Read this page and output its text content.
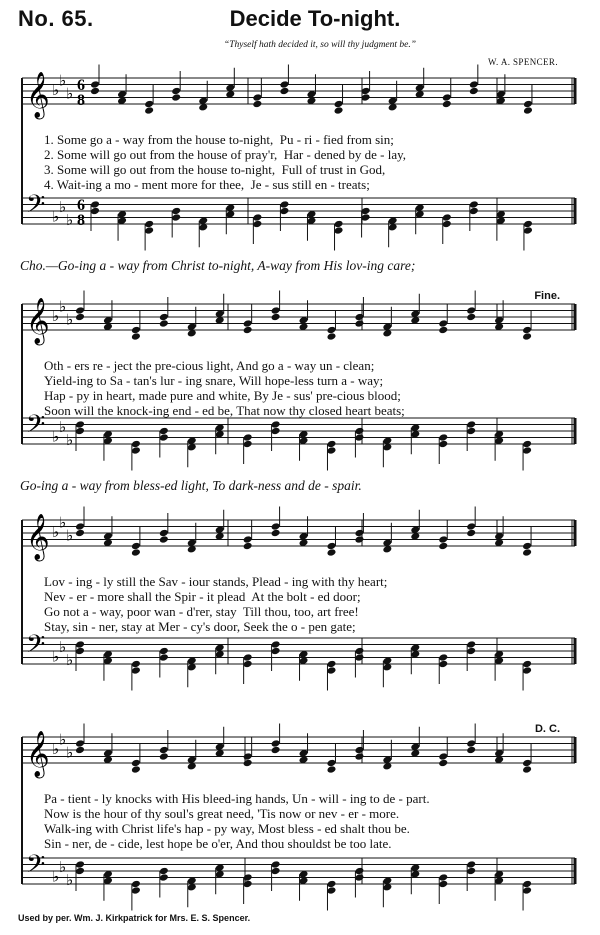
No. 65.	Decide To-night.
“Thyself hath decided it, so will thy judgment be.”
W. A. SPENCER.
𝄞 ♭
♭
♭ 6
8
𝄢 ♭
♭
♭
6
8
𝄞 ♭
♭
♭
𝄢 ♭
♭
♭
𝄞 ♭
♭
♭
𝄢 ♭
♭
♭
𝄞 ♭
♭
♭
𝄢 ♭
♭
♭
1. Some go a - way from the house to-night,  Pu - ri - fied from sin;
2. Some will go out from the house of pray'r,  Har - dened by de - lay,
3. Some will go out from the house to-night,  Full of trust in God,
4. Wait-ing a mo - ment more for thee,  Je - sus still en - treats;
Cho.—Go-ing a - way from Christ to-night, A-way from His lov-ing care;
Oth - ers re - ject the pre-cious light, And go a - way un - clean;
Yield-ing to Sa - tan's lur - ing snare, Will hope-less turn a - way;
Hap - py in heart, made pure and white, By Je - sus' pre-cious blood;
Soon will the knock-ing end - ed be, That now thy closed heart beats;
Go-ing a - way from bless-ed light, To dark-ness and de - spair.
Fine.
Lov - ing - ly still the Sav - iour stands, Plead - ing with thy heart;
Nev - er - more shall the Spir - it plead  At the bolt - ed door;
Go not a - way, poor wan - d'rer, stay  Till thou, too, art free!
Stay, sin - ner, stay at Mer - cy's door, Seek the o - pen gate;
Pa - tient - ly knocks with His bleed-ing hands, Un - will - ing to de - part.
Now is the hour of thy soul's great need, 'Tis now or nev - er - more.
Walk-ing with Christ life's hap - py way, Most bless - ed shalt thou be.
Sin - ner, de - cide, lest hope be o'er, And thou shouldst be too late.
D. C.
Used by per. Wm. J. Kirkpatrick for Mrs. E. S. Spencer.
